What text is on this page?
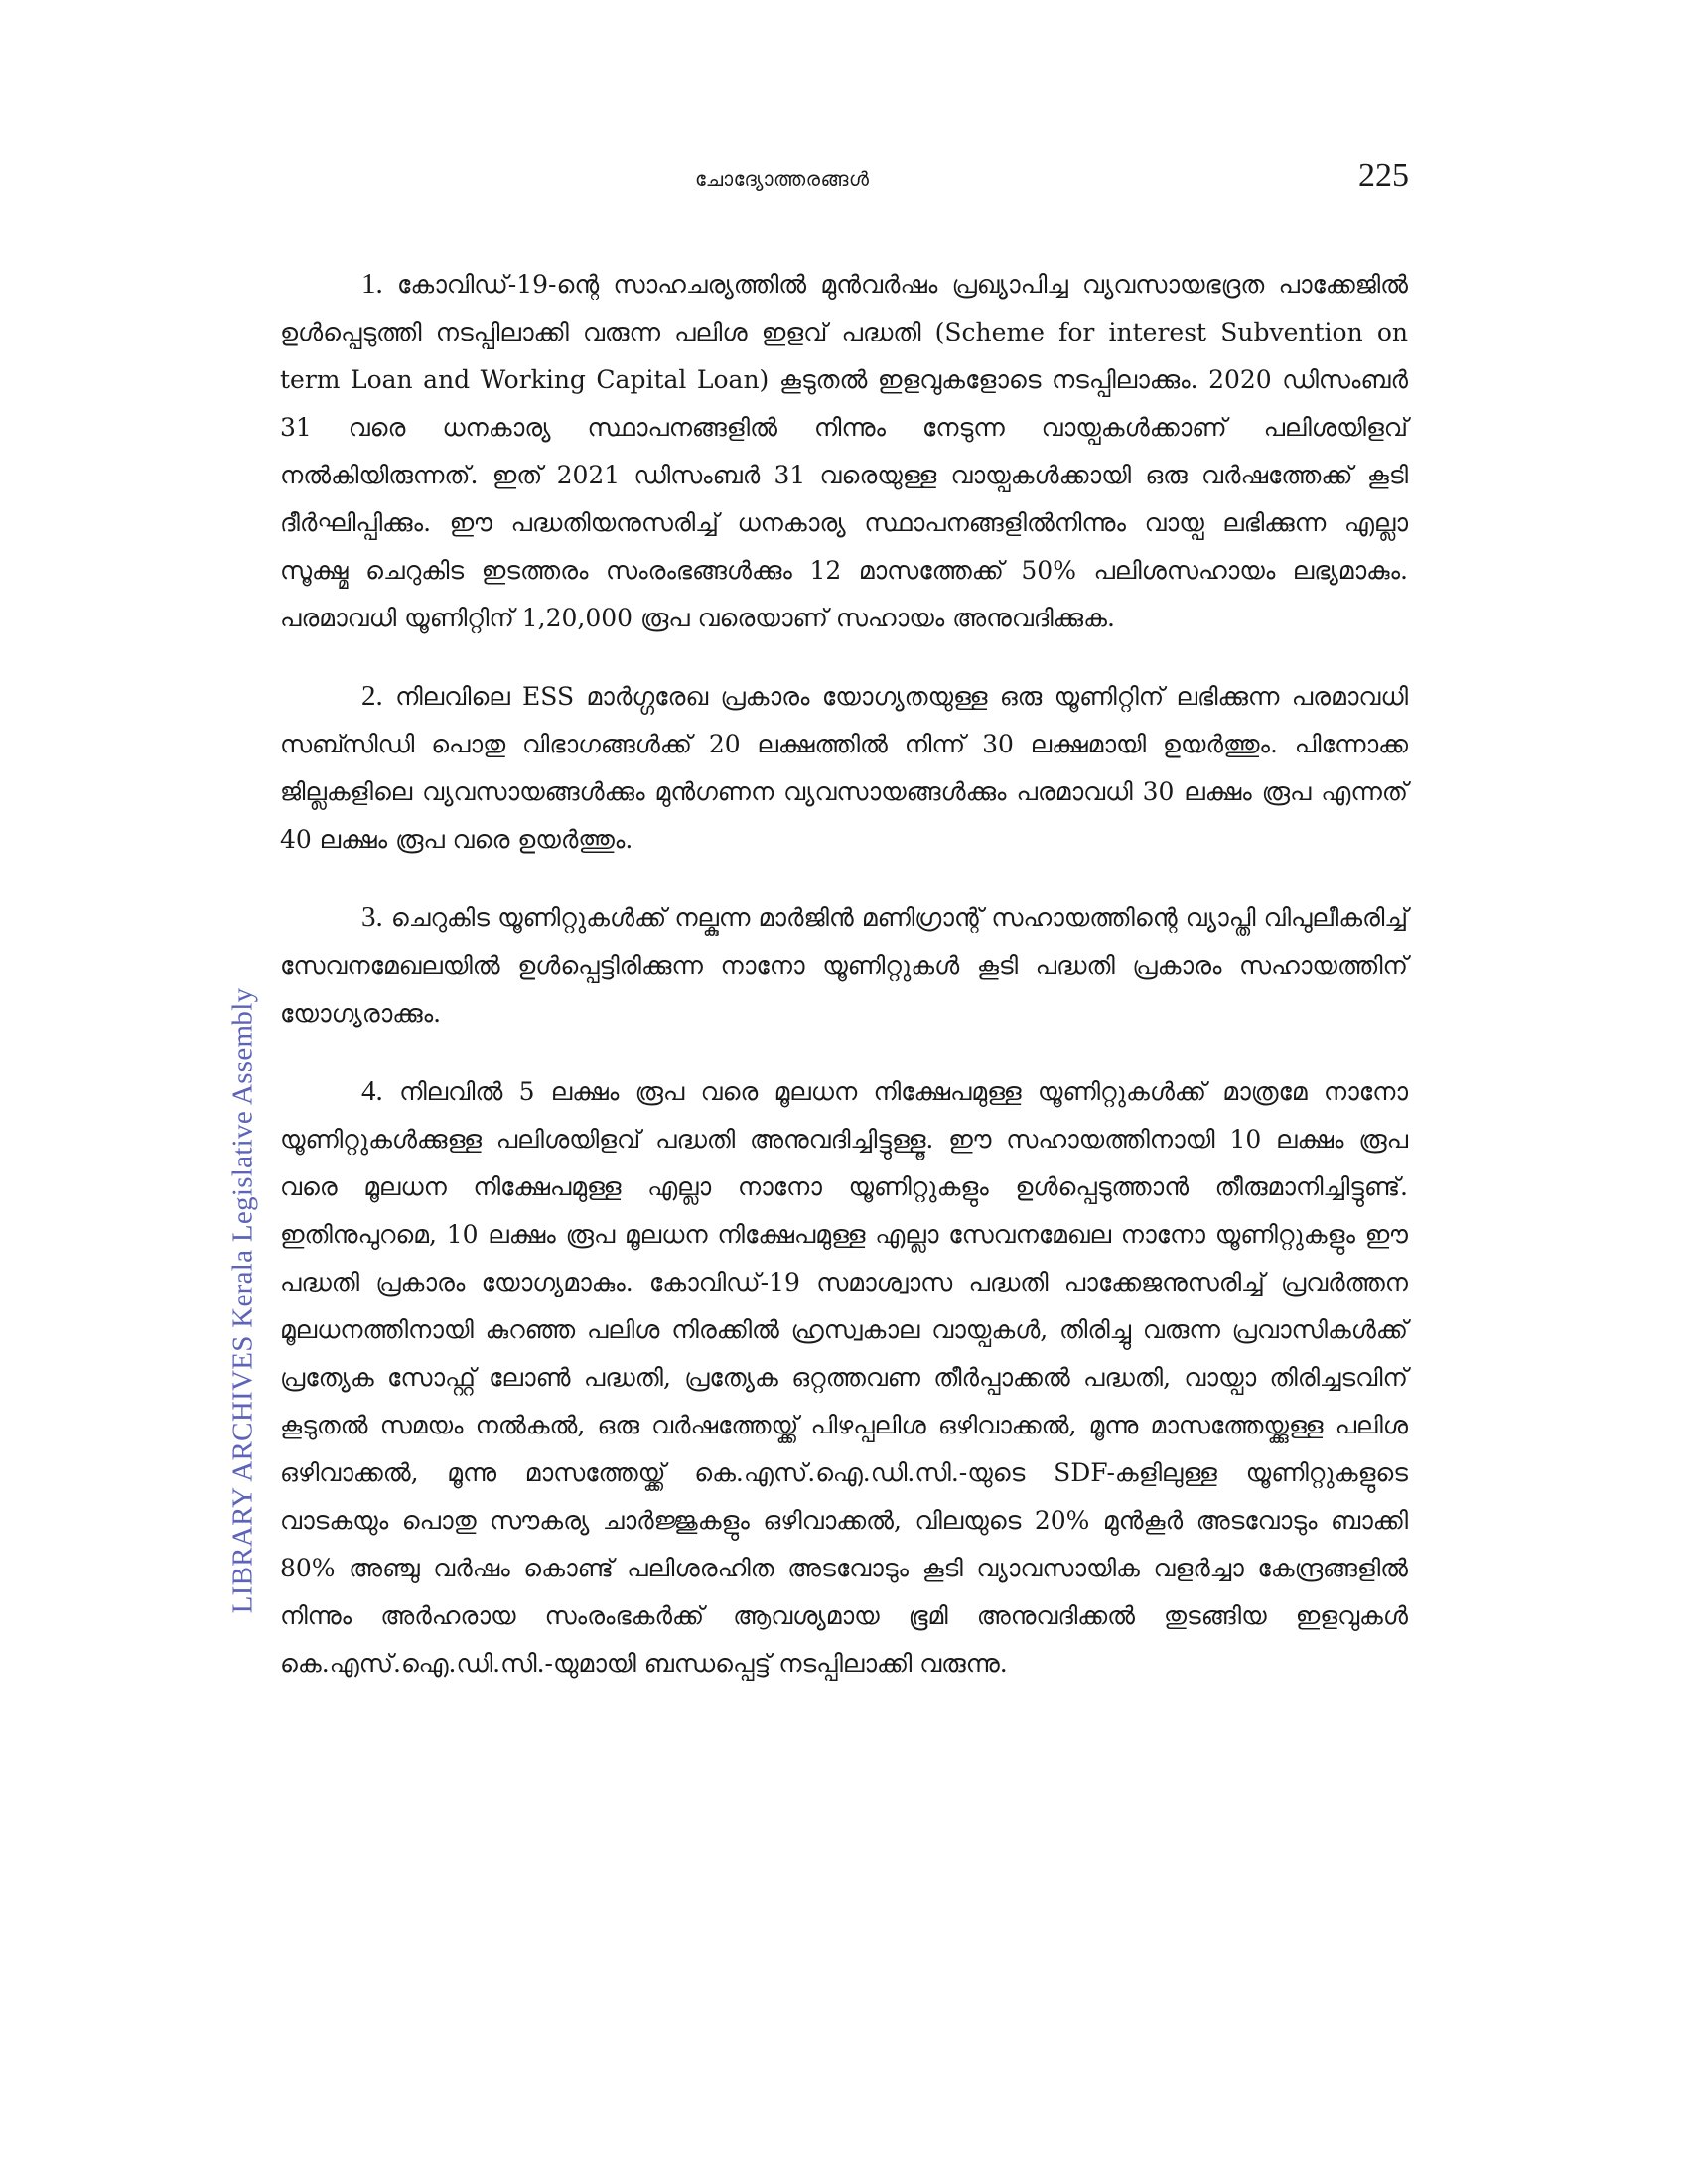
ചോദ്യോത്തരങ്ങൾ	225
LIBRARY ARCHIVES Kerala Legislative Assembly

1. കോവിഡ്-19-ന്റെ സാഹചര്യത്തിൽ മുൻവർഷം പ്രഖ്യാപിച്ച വ്യവസായഭദ്രത പാക്കേജിൽ ഉൾപ്പെടുത്തി നടപ്പിലാക്കി വരുന്ന പലിശ ഇളവ് പദ്ധതി (Scheme for interest Subvention on term Loan and Working Capital Loan) കൂടുതൽ ഇളവുകളോടെ നടപ്പിലാക്കും. 2020 ഡിസംബർ 31 വരെ ധനകാര്യ സ്ഥാപനങ്ങളിൽ നിന്നും നേടുന്ന വായ്പകൾക്കാണ് പലിശയിളവ് നൽകിയിരുന്നത്. ഇത് 2021 ഡിസംബർ 31 വരെയുള്ള വായ്പകൾക്കായി ഒരു വർഷത്തേക്ക് കൂടി ദീർഘിപ്പിക്കും. ഈ പദ്ധതിയനുസരിച്ച് ധനകാര്യ സ്ഥാപനങ്ങളിൽനിന്നും വായ്പ ലഭിക്കുന്ന എല്ലാ സൂക്ഷ്മ ചെറുകിട ഇടത്തരം സംരംഭങ്ങൾക്കും 12 മാസത്തേക്ക് 50% പലിശസഹായം ലഭ്യമാകും. പരമാവധി യൂണിറ്റിന് 1,20,000 രൂപ വരെയാണ് സഹായം അനുവദിക്കുക.

2. നിലവിലെ ESS മാർഗ്ഗരേഖ പ്രകാരം യോഗ്യതയുള്ള ഒരു യൂണിറ്റിന് ലഭിക്കുന്ന പരമാവധി സബ്സിഡി പൊതു വിഭാഗങ്ങൾക്ക് 20 ലക്ഷത്തിൽ നിന്ന് 30 ലക്ഷമായി ഉയർത്തും. പിന്നോക്ക ജില്ലകളിലെ വ്യവസായങ്ങൾക്കും മുൻഗണന വ്യവസായങ്ങൾക്കും പരമാവധി 30 ലക്ഷം രൂപ എന്നത് 40 ലക്ഷം രൂപ വരെ ഉയർത്തും.

3. ചെറുകിട യൂണിറ്റുകൾക്ക് നല്കുന്ന മാർജിൻ മണിഗ്രാന്റ് സഹായത്തിന്റെ വ്യാപ്തി വിപുലീകരിച്ച് സേവനമേഖലയിൽ ഉൾപ്പെട്ടിരിക്കുന്ന നാനോ യൂണിറ്റുകൾ കൂടി പദ്ധതി പ്രകാരം സഹായത്തിന് യോഗ്യരാക്കും.

4. നിലവിൽ 5 ലക്ഷം രൂപ വരെ മൂലധന നിക്ഷേപമുള്ള യൂണിറ്റുകൾക്ക് മാത്രമേ നാനോ യൂണിറ്റുകൾക്കുള്ള പലിശയിളവ് പദ്ധതി അനുവദിച്ചിട്ടുള്ളൂ. ഈ സഹായത്തിനായി 10 ലക്ഷം രൂപ വരെ മൂലധന നിക്ഷേപമുള്ള എല്ലാ നാനോ യൂണിറ്റുകളും ഉൾപ്പെടുത്താൻ തീരുമാനിച്ചിട്ടുണ്ട്. ഇതിനുപുറമെ, 10 ലക്ഷം രൂപ മൂലധന നിക്ഷേപമുള്ള എല്ലാ സേവനമേഖല നാനോ യൂണിറ്റുകളും ഈ പദ്ധതി പ്രകാരം യോഗ്യമാകും. കോവിഡ്-19 സമാശ്വാസ പദ്ധതി പാക്കേജനുസരിച്ച് പ്രവർത്തന മൂലധനത്തിനായി കുറഞ്ഞ പലിശ നിരക്കിൽ ഹ്രസ്വകാല വായ്പകൾ, തിരിച്ചു വരുന്ന പ്രവാസികൾക്ക് പ്രത്യേക സോഫ്റ്റ് ലോൺ പദ്ധതി, പ്രത്യേക ഒറ്റത്തവണ തീർപ്പാക്കൽ പദ്ധതി, വായ്പാ തിരിച്ചടവിന് കൂടുതൽ സമയം നൽകൽ, ഒരു വർഷത്തേയ്ക്ക് പിഴപ്പലിശ ഒഴിവാക്കൽ, മൂന്നു മാസത്തേയ്ക്കുള്ള പലിശ ഒഴിവാക്കൽ, മൂന്നു മാസത്തേയ്ക്ക് കെ.എസ്.ഐ.ഡി.സി.-യുടെ SDF-കളിലുള്ള യൂണിറ്റുകളുടെ വാടകയും പൊതു സൗകര്യ ചാർജ്ജുകളും ഒഴിവാക്കൽ, വിലയുടെ 20% മുൻകൂർ അടവോടും ബാക്കി 80% അഞ്ചു വർഷം കൊണ്ട് പലിശരഹിത അടവോടും കൂടി വ്യാവസായിക വളർച്ചാ കേന്ദ്രങ്ങളിൽ നിന്നും അർഹരായ സംരംഭകർക്ക് ആവശ്യമായ ഭൂമി അനുവദിക്കൽ തുടങ്ങിയ ഇളവുകൾ കെ.എസ്.ഐ.ഡി.സി.-യുമായി ബന്ധപ്പെട്ട് നടപ്പിലാക്കി വരുന്നു.
